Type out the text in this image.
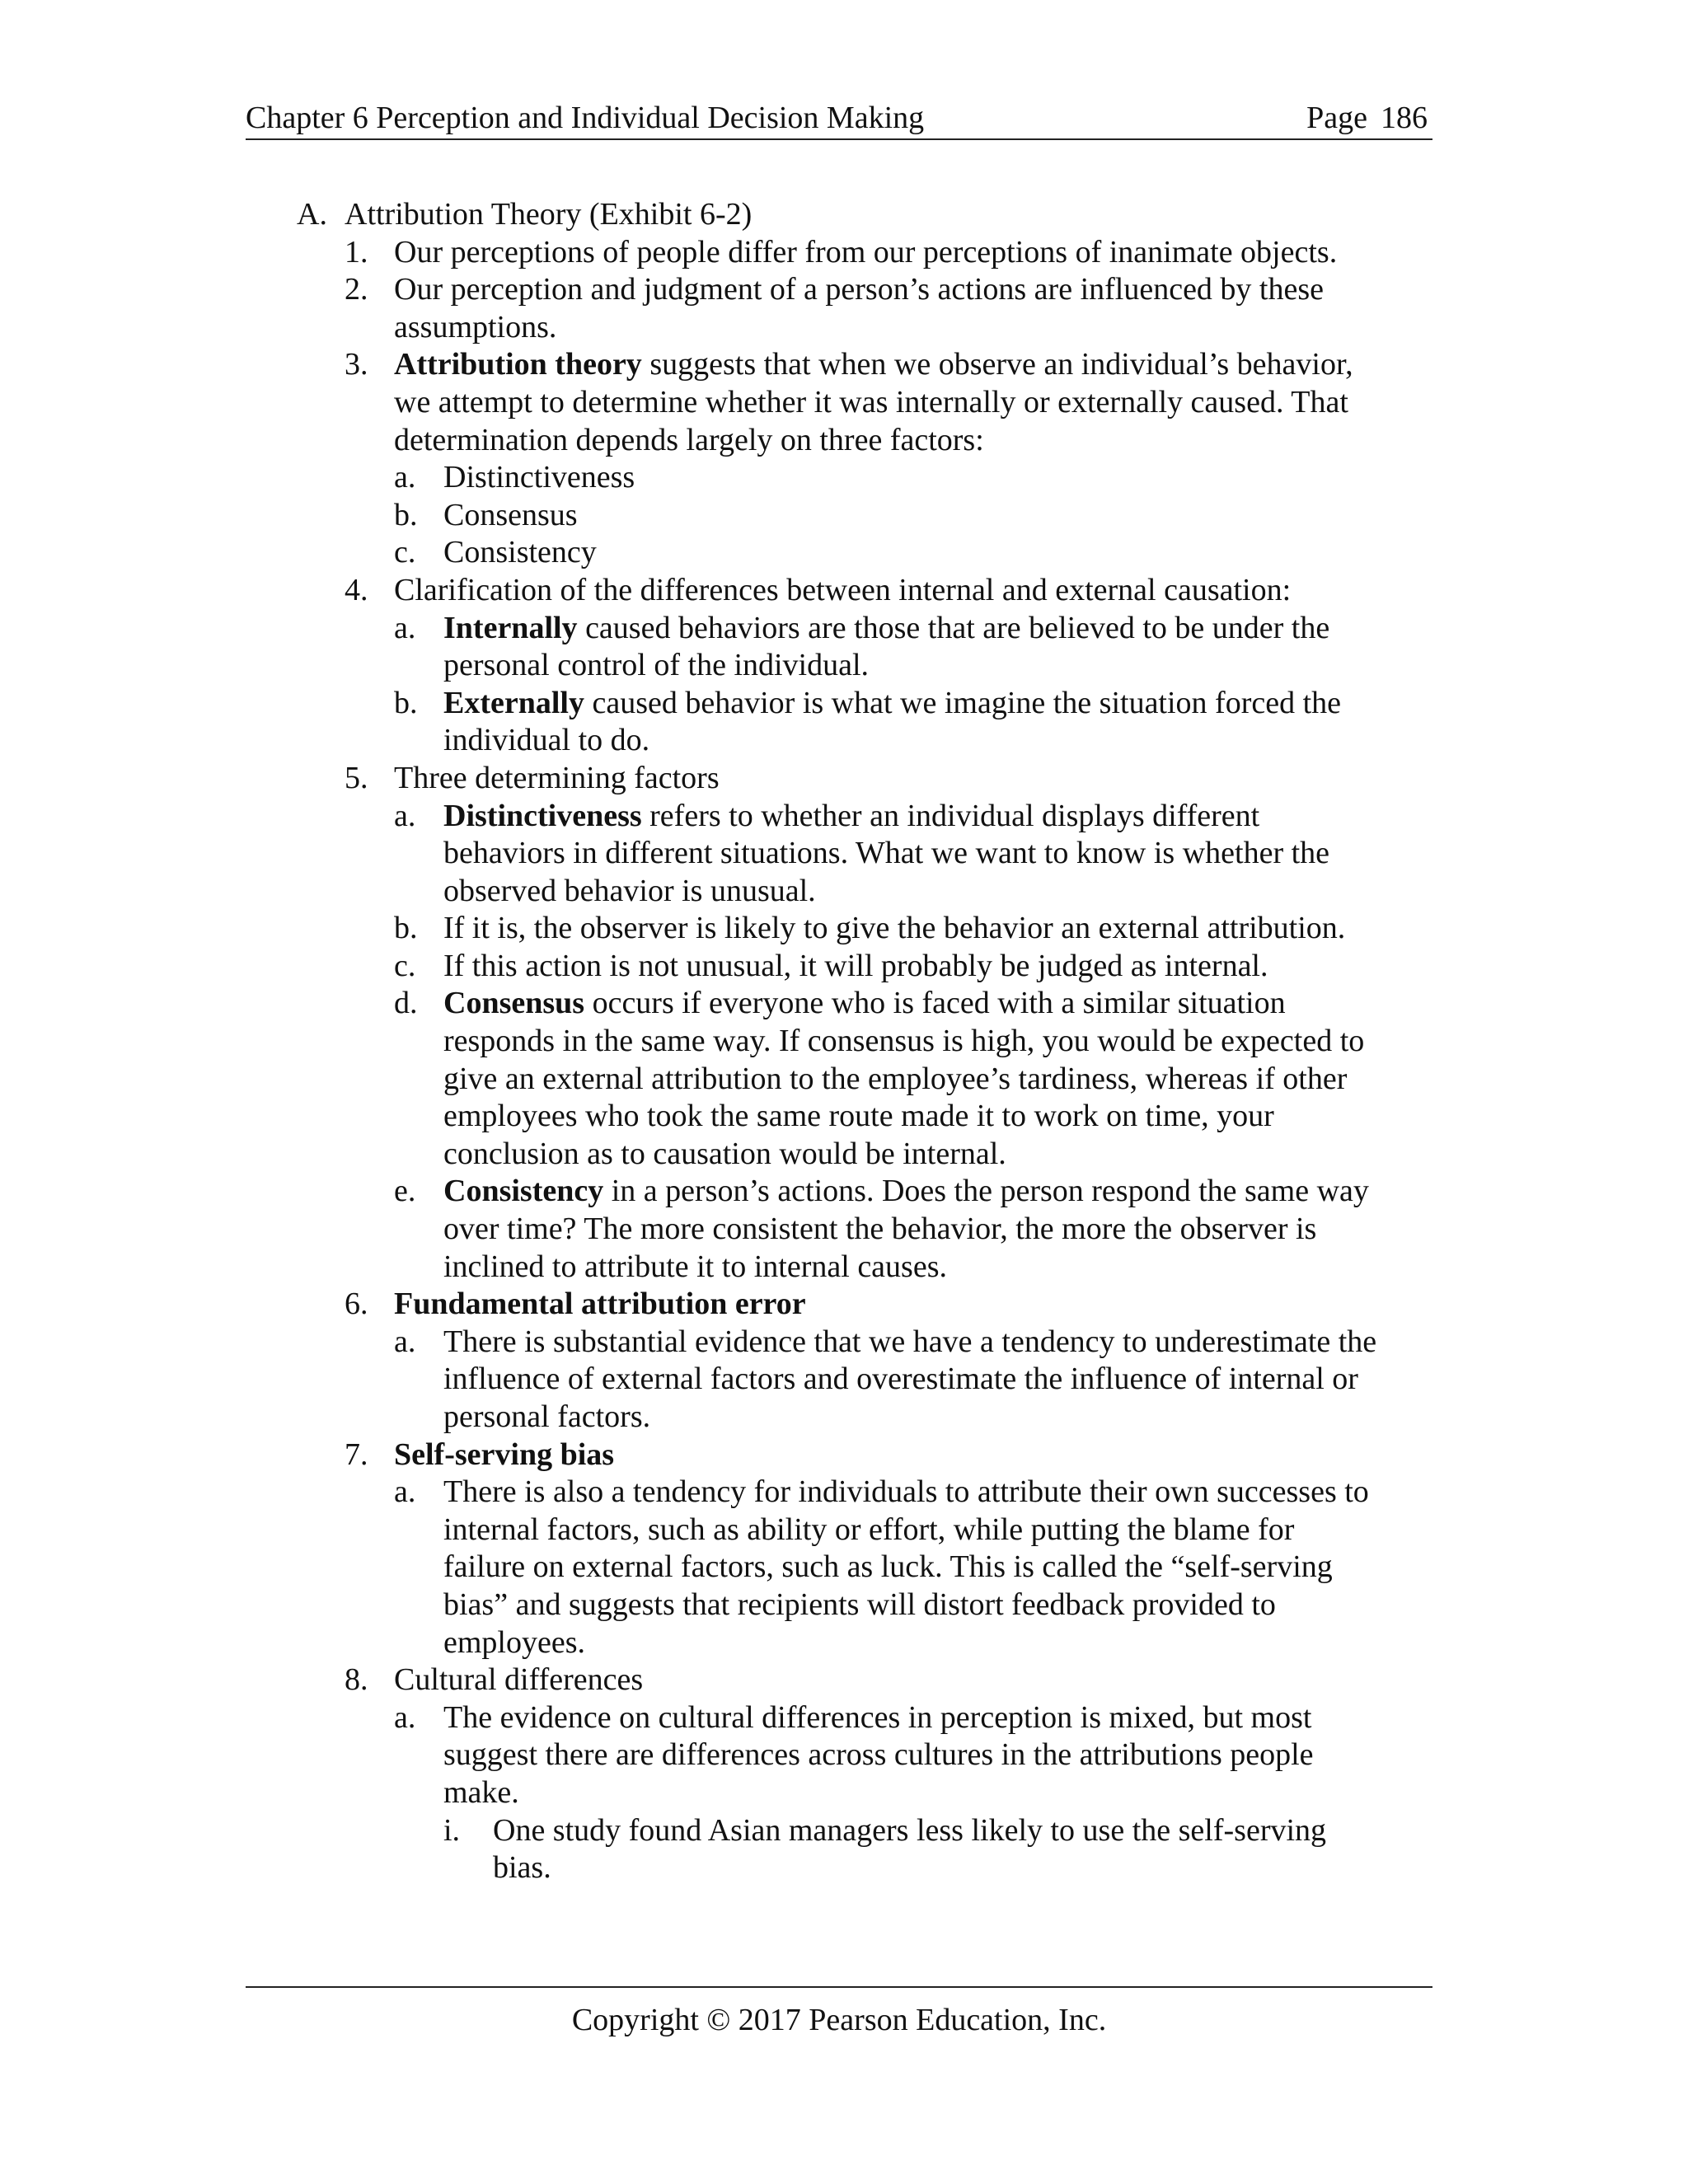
Chapter 6 Perception and Individual Decision Making	Page 186
A. Attribution Theory (Exhibit 6-2)
1. Our perceptions of people differ from our perceptions of inanimate objects.
2. Our perception and judgment of a person’s actions are influenced by these
assumptions.
3. Attribution theory suggests that when we observe an individual’s behavior,
we attempt to determine whether it was internally or externally caused. That
determination depends largely on three factors:
a. Distinctiveness
b. Consensus
c. Consistency
4. Clarification of the differences between internal and external causation:
a. Internally caused behaviors are those that are believed to be under the
personal control of the individual.
b. Externally caused behavior is what we imagine the situation forced the
individual to do.
5. Three determining factors
a. Distinctiveness refers to whether an individual displays different
behaviors in different situations. What we want to know is whether the
observed behavior is unusual.
b. If it is, the observer is likely to give the behavior an external attribution.
c. If this action is not unusual, it will probably be judged as internal.
d. Consensus occurs if everyone who is faced with a similar situation
responds in the same way. If consensus is high, you would be expected to
give an external attribution to the employee’s tardiness, whereas if other
employees who took the same route made it to work on time, your
conclusion as to causation would be internal.
e. Consistency in a person’s actions. Does the person respond the same way
over time? The more consistent the behavior, the more the observer is
inclined to attribute it to internal causes.
6. Fundamental attribution error
a. There is substantial evidence that we have a tendency to underestimate the
influence of external factors and overestimate the influence of internal or
personal factors.
7. Self-serving bias
a. There is also a tendency for individuals to attribute their own successes to
internal factors, such as ability or effort, while putting the blame for
failure on external factors, such as luck. This is called the “self-serving
bias” and suggests that recipients will distort feedback provided to
employees.
8. Cultural differences
a. The evidence on cultural differences in perception is mixed, but most
suggest there are differences across cultures in the attributions people
make.
i. One study found Asian managers less likely to use the self-serving
bias.
Copyright © 2017 Pearson Education, Inc.
